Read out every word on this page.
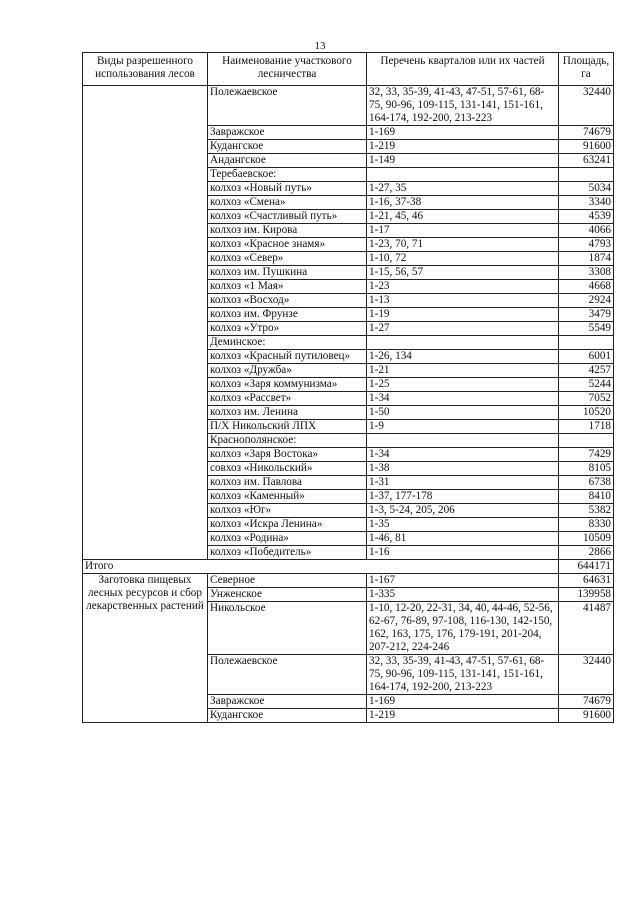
13
Виды разрешенного использования лесов	Наименование участкового лесничества	Перечень кварталов или их частей	Площадь, га
	Полежаевское	32, 33, 35-39, 41-43, 47-51, 57-61, 68-75, 90-96, 109-115, 131-141, 151-161, 164-174, 192-200, 213-223	32440
	Завражское	1-169	74679
	Кудангское	1-219	91600
	Андангское	1-149	63241
	Теребаевское:		
	колхоз «Новый путь»	1-27, 35	5034
	колхоз «Смена»	1-16, 37-38	3340
	колхоз «Счастливый путь»	1-21, 45, 46	4539
	колхоз им. Кирова	1-17	4066
	колхоз «Красное знамя»	1-23, 70, 71	4793
	колхоз «Север»	1-10, 72	1874
	колхоз им. Пушкина	1-15, 56, 57	3308
	колхоз «1 Мая»	1-23	4668
	колхоз «Восход»	1-13	2924
	колхоз им. Фрунзе	1-19	3479
	колхоз «Утро»	1-27	5549
	Деминское:		
	колхоз «Красный путиловец»	1-26, 134	6001
	колхоз «Дружба»	1-21	4257
	колхоз «Заря коммунизма»	1-25	5244
	колхоз «Рассвет»	1-34	7052
	колхоз им. Ленина	1-50	10520
	П/Х Никольский ЛПХ	1-9	1718
	Краснополянское:		
	колхоз «Заря Востока»	1-34	7429
	совхоз «Никольский»	1-38	8105
	колхоз им. Павлова	1-31	6738
	колхоз «Каменный»	1-37, 177-178	8410
	колхоз «Юг»	1-3, 5-24, 205, 206	5382
	колхоз «Искра Ленина»	1-35	8330
	колхоз «Родина»	1-46, 81	10509
	колхоз «Победитель»	1-16	2866
Итого			644171
Заготовка пищевых лесных ресурсов и сбор лекарственных растений	Северное	1-167	64631
	Унженское	1-335	139958
	Никольское	1-10, 12-20, 22-31, 34, 40, 44-46, 52-56, 62-67, 76-89, 97-108, 116-130, 142-150, 162, 163, 175, 176, 179-191, 201-204, 207-212, 224-246	41487
	Полежаевское	32, 33, 35-39, 41-43, 47-51, 57-61, 68-75, 90-96, 109-115, 131-141, 151-161, 164-174, 192-200, 213-223	32440
	Завражское	1-169	74679
	Кудангское	1-219	91600
